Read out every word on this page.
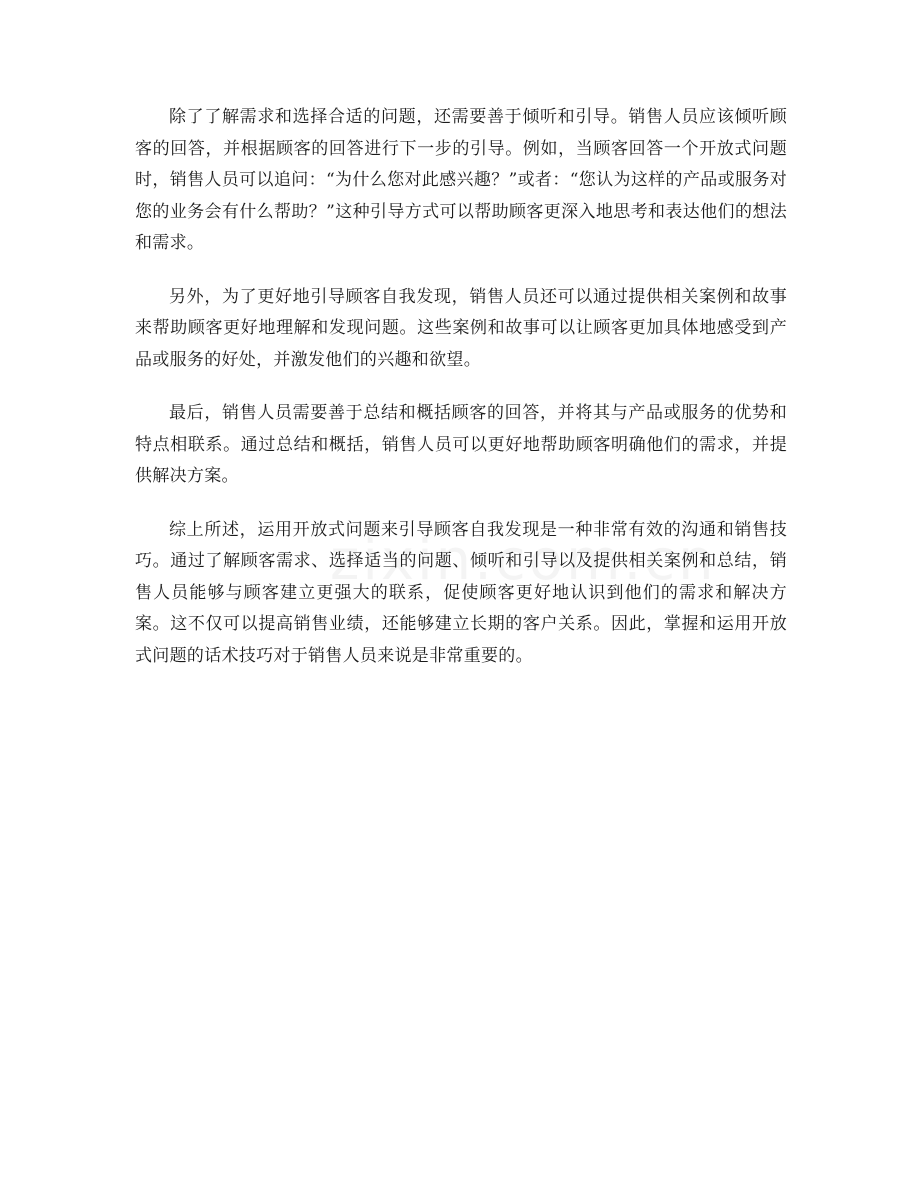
除了了解需求和选择合适的问题，还需要善于倾听和引导。销售人员应该倾听顾客的回答，并根据顾客的回答进行下一步的引导。例如，当顾客回答一个开放式问题时，销售人员可以追问：“为什么您对此感兴趣？”或者：“您认为这样的产品或服务对您的业务会有什么帮助？”这种引导方式可以帮助顾客更深入地思考和表达他们的想法和需求。

另外，为了更好地引导顾客自我发现，销售人员还可以通过提供相关案例和故事来帮助顾客更好地理解和发现问题。这些案例和故事可以让顾客更加具体地感受到产品或服务的好处，并激发他们的兴趣和欲望。

最后，销售人员需要善于总结和概括顾客的回答，并将其与产品或服务的优势和特点相联系。通过总结和概括，销售人员可以更好地帮助顾客明确他们的需求，并提供解决方案。

综上所述，运用开放式问题来引导顾客自我发现是一种非常有效的沟通和销售技巧。通过了解顾客需求、选择适当的问题、倾听和引导以及提供相关案例和总结，销售人员能够与顾客建立更强大的联系，促使顾客更好地认识到他们的需求和解决方案。这不仅可以提高销售业绩，还能够建立长期的客户关系。因此，掌握和运用开放式问题的话术技巧对于销售人员来说是非常重要的。
